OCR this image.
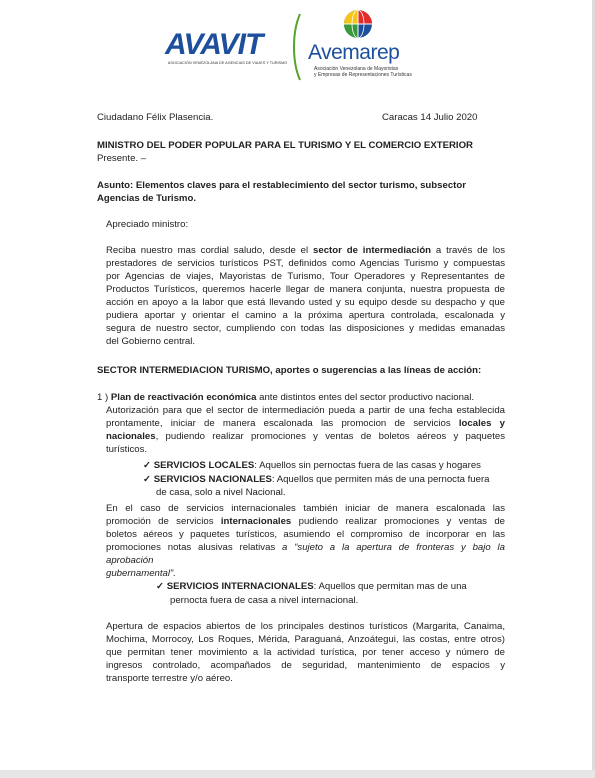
AVAVIT
ASOCIACIÓN VENEZOLANA DE AGENCIAS DE VIAJES Y TURISMO Avemarep
Asociación Venezolana de Mayoristas
y Empresas de Representaciones Turísticas
Ciudadano Félix Plasencia.	Caracas 14 Julio 2020
MINISTRO DEL PODER POPULAR PARA EL TURISMO Y EL COMERCIO EXTERIOR
Presente. –
Asunto: Elementos claves para el restablecimiento del sector turismo, subsector
Agencias de Turismo.
Apreciado ministro:
Reciba nuestro mas cordial saludo, desde el sector de intermediación a través de los
prestadores de servicios turísticos PST, definidos como Agencias Turismo y compuestas
por Agencias de viajes, Mayoristas de Turismo, Tour Operadores y Representantes de
Productos Turísticos, queremos hacerle llegar de manera conjunta, nuestra propuesta de
acción en apoyo a la labor que está llevando usted y su equipo desde su despacho y que
pudiera aportar y orientar el camino a la próxima apertura controlada, escalonada y
segura de nuestro sector, cumpliendo con todas las disposiciones y medidas emanadas
del Gobierno central.
SECTOR INTERMEDIACION TURISMO, aportes o sugerencias a las líneas de acción:
1 ) Plan de reactivación económica ante distintos entes del sector productivo nacional.
Autorización para que el sector de intermediación pueda a partir de una fecha establecida
prontamente, iniciar de manera escalonada las promocion de servicios locales y
nacionales, pudiendo realizar promociones y ventas de boletos aéreos y paquetes
turísticos.
✓ SERVICIOS LOCALES: Aquellos sin pernoctas fuera de las casas y hogares
✓ SERVICIOS NACIONALES: Aquellos que permiten más de una pernocta fuera
de casa, solo a nivel Nacional.
En el caso de servicios internacionales también iniciar de manera escalonada las
promoción de servicios internacionales pudiendo realizar promociones y ventas de
boletos aéreos y paquetes turísticos, asumiendo el compromiso de incorporar en las
promociones notas alusivas relativas a “sujeto a la apertura de fronteras y bajo la
aprobación
gubernamental”.
✓ SERVICIOS INTERNACIONALES: Aquellos que permitan mas de una
pernocta fuera de casa a nivel internacional.
Apertura de espacios abiertos de los principales destinos turísticos (Margarita, Canaima,
Mochima, Morrocoy, Los Roques, Mérida, Paraguaná, Anzoátegui, las costas, entre otros)
que permitan tener movimiento a la actividad turística, por tener acceso y número de
ingresos controlado, acompañados de seguridad, mantenimiento de espacios y
transporte terrestre y/o aéreo.
